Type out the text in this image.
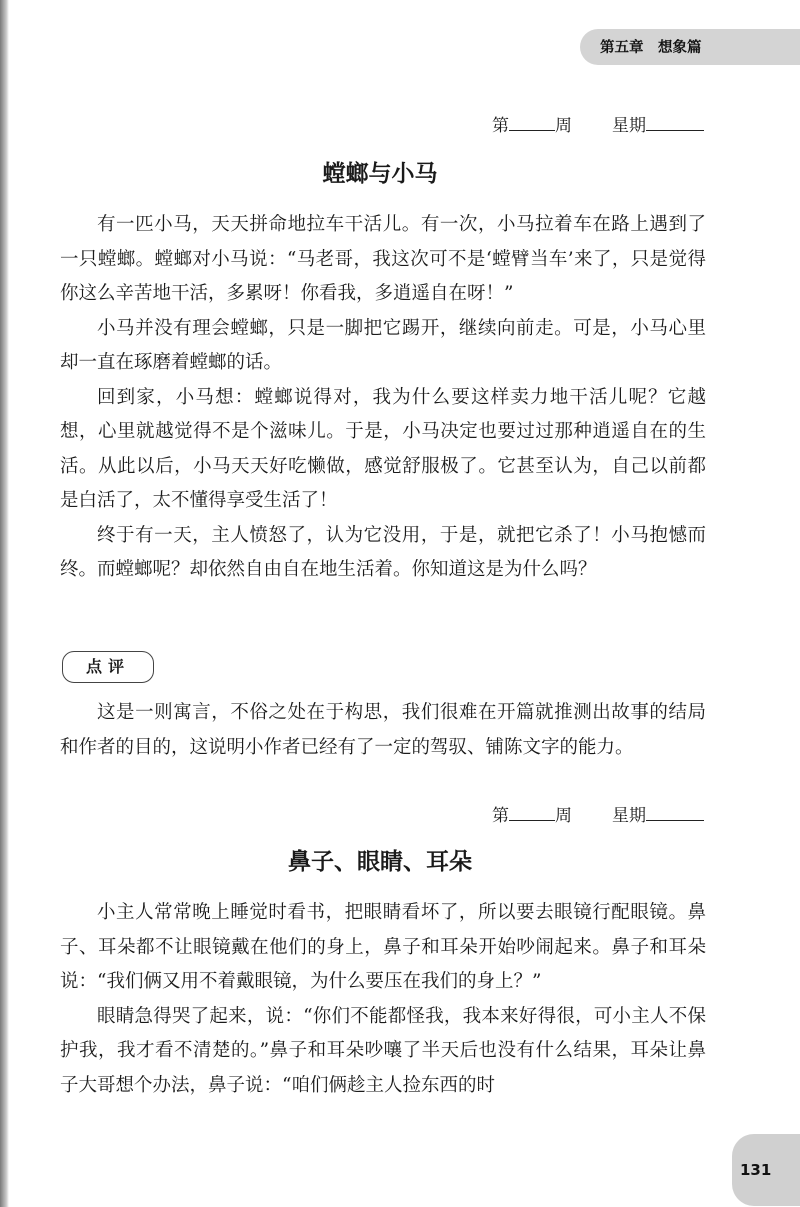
第五章　想象篇
第	周 星期
螳螂与小马

有一匹小马，天天拼命地拉车干活儿。有一次，小马拉着车在路上遇到了一只螳螂。螳螂对小马说：“马老哥，我这次可不是‘螳臂当车’来了，只是觉得你这么辛苦地干活，多累呀！你看我，多逍遥自在呀！”

小马并没有理会螳螂，只是一脚把它踢开，继续向前走。可是，小马心里却一直在琢磨着螳螂的话。

回到家，小马想：螳螂说得对，我为什么要这样卖力地干活儿呢？它越想，心里就越觉得不是个滋味儿。于是，小马决定也要过过那种逍遥自在的生活。从此以后，小马天天好吃懒做，感觉舒服极了。它甚至认为，自己以前都是白活了，太不懂得享受生活了！

终于有一天，主人愤怒了，认为它没用，于是，就把它杀了！小马抱憾而终。而螳螂呢？却依然自由自在地生活着。你知道这是为什么吗？

点评

这是一则寓言，不俗之处在于构思，我们很难在开篇就推测出故事的结局和作者的目的，这说明小作者已经有了一定的驾驭、铺陈文字的能力。

第	周 星期
鼻子、眼睛、耳朵

小主人常常晚上睡觉时看书，把眼睛看坏了，所以要去眼镜行配眼镜。鼻子、耳朵都不让眼镜戴在他们的身上，鼻子和耳朵开始吵闹起来。鼻子和耳朵说：“我们俩又用不着戴眼镜，为什么要压在我们的身上？”

眼睛急得哭了起来，说：“你们不能都怪我，我本来好得很，可小主人不保护我，我才看不清楚的。”鼻子和耳朵吵嚷了半天后也没有什么结果，耳朵让鼻子大哥想个办法，鼻子说：“咱们俩趁主人捡东西的时

131
